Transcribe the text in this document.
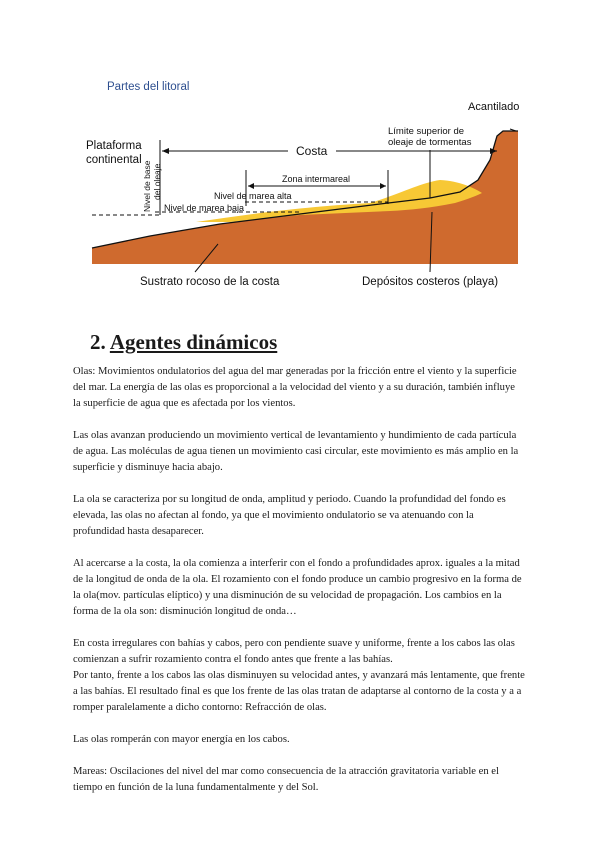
Partes del litoral
Acantilado
Plataforma
continental
Costa
Límite superior de
oleaje de tormentas
Nivel de base del oleaje	Zona intermareal
Nivel de marea alta
Nivel de marea baja
Sustrato rocoso de la costa	Depósitos costeros (playa)
2. Agentes dinámicos

Olas: Movimientos ondulatorios del agua del mar generadas por la fricción entre el viento y la superficie del mar. La energía de las olas es proporcional a la velocidad del viento y a su duración, también influye la superficie de agua que es afectada por los vientos.

Las olas avanzan produciendo un movimiento vertical de levantamiento y hundimiento de cada partícula de agua. Las moléculas de agua tienen un movimiento casi circular, este movimiento es más amplio en la superficie y disminuye hacia abajo.

La ola se caracteriza por su longitud de onda, amplitud y periodo. Cuando la profundidad del fondo es elevada, las olas no afectan al fondo, ya que el movimiento ondulatorio se va atenuando con la profundidad hasta desaparecer.

Al acercarse a la costa, la ola comienza a interferir con el fondo a profundidades aprox. iguales a la mitad de la longitud de onda de la ola. El rozamiento con el fondo produce un cambio progresivo en la forma de la ola(mov. partículas elíptico) y una disminución de su velocidad de propagación. Los cambios en la forma de la ola son: disminución longitud de onda…

En costa irregulares con bahías y cabos, pero con pendiente suave y uniforme, frente a los cabos las olas comienzan a sufrir rozamiento contra el fondo antes que frente a las bahías.

Por tanto, frente a los cabos las olas disminuyen su velocidad antes, y avanzará más lentamente, que frente a las bahías. El resultado final es que los frente de las olas tratan de adaptarse al contorno de la costa y a a romper paralelamente a dicho contorno: Refracción de olas.

Las olas romperán con mayor energía en los cabos.

Mareas: Oscilaciones del nivel del mar como consecuencia de la atracción gravitatoria variable en el tiempo en función de la luna fundamentalmente y del Sol.
